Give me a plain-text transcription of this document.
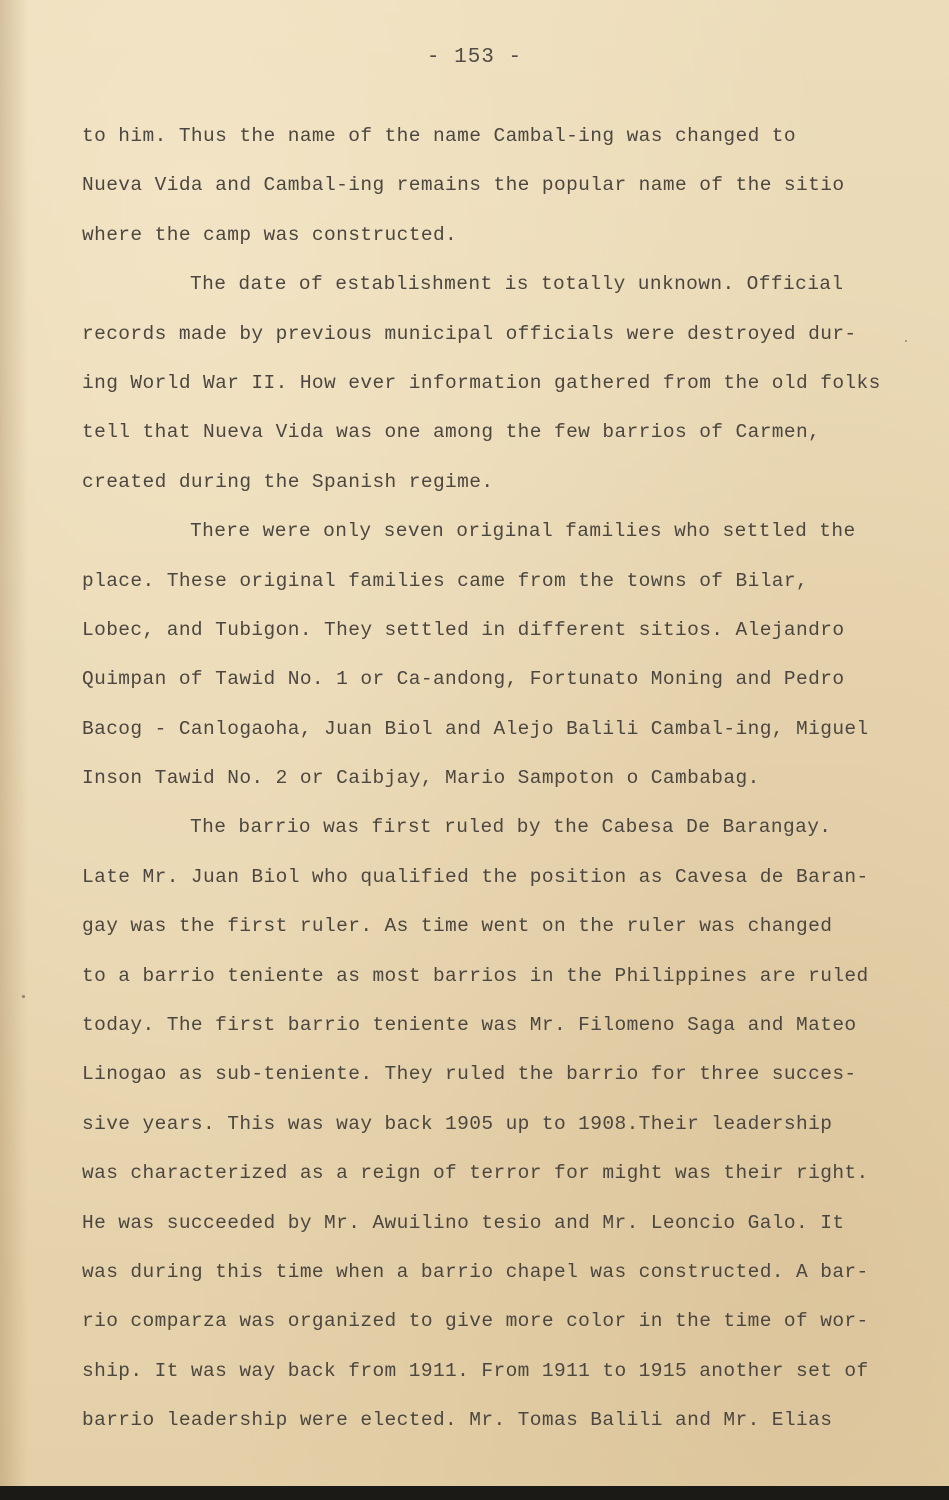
- 153 -
to him. Thus the name of the name Cambal-ing was changed to
Nueva Vida and Cambal-ing remains the popular name of the sitio
where the camp was constructed.
The date of establishment is totally unknown. Official
records made by previous municipal officials were destroyed dur-
ing World War II. How ever information gathered from the old folks
tell that Nueva Vida was one among the few barrios of Carmen,
created during the Spanish regime.
There were only seven original families who settled the
place. These original families came from the towns of Bilar,
Lobec, and Tubigon. They settled in different sitios. Alejandro
Quimpan of Tawid No. 1 or Ca-andong, Fortunato Moning and Pedro
Bacog - Canlogaoha, Juan Biol and Alejo Balili Cambal-ing, Miguel
Inson Tawid No. 2 or Caibjay, Mario Sampoton o Cambabag.
The barrio was first ruled by the Cabesa De Barangay.
Late Mr. Juan Biol who qualified the position as Cavesa de Baran-
gay was the first ruler. As time went on the ruler was changed
to a barrio teniente as most barrios in the Philippines are ruled
today. The first barrio teniente was Mr. Filomeno Saga and Mateo
Linogao as sub-teniente. They ruled the barrio for three succes-
sive years. This was way back 1905 up to 1908.Their leadership
was characterized as a reign of terror for might was their right.
He was succeeded by Mr. Awuilino tesio and Mr. Leoncio Galo. It
was during this time when a barrio chapel was constructed. A bar-
rio comparza was organized to give more color in the time of wor-
ship. It was way back from 1911. From 1911 to 1915 another set of
barrio leadership were elected. Mr. Tomas Balili and Mr. Elias
